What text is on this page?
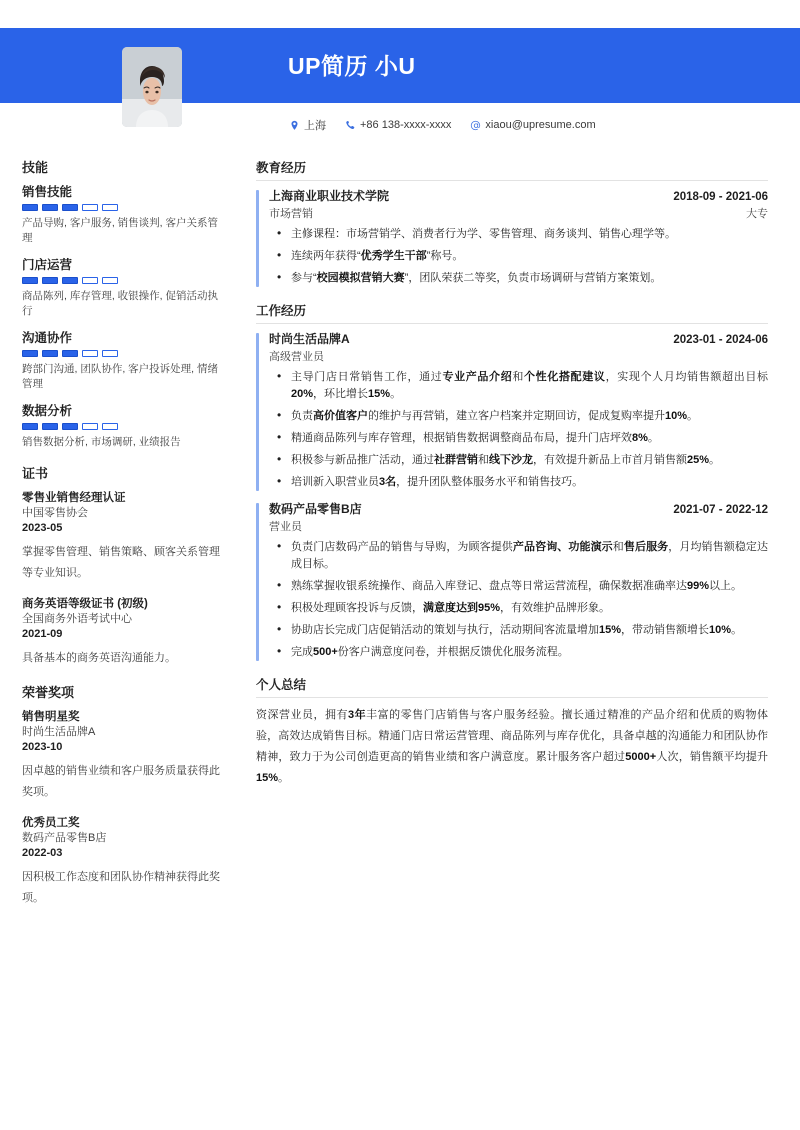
UP简历 小U
上海	+86 138-xxxx-xxxx	xiaou@upresume.com
技能
销售技能
产品导购, 客户服务, 销售谈判, 客户关系管理
门店运营
商品陈列, 库存管理, 收银操作, 促销活动执行
沟通协作
跨部门沟通, 团队协作, 客户投诉处理, 情绪管理
数据分析
销售数据分析, 市场调研, 业绩报告
证书
零售业销售经理认证
中国零售协会
2023-05
掌握零售管理、销售策略、顾客关系管理等专业知识。
商务英语等级证书 (初级)
全国商务外语考试中心
2021-09
具备基本的商务英语沟通能力。
荣誉奖项
销售明星奖
时尚生活品牌A
2023-10
因卓越的销售业绩和客户服务质量获得此奖项。
优秀员工奖
数码产品零售B店
2022-03
因积极工作态度和团队协作精神获得此奖项。
教育经历
上海商业职业技术学院	2018-09 - 2021-06
市场营销	大专
• 主修课程：市场营销学、消费者行为学、零售管理、商务谈判、销售心理学等。
• 连续两年获得“优秀学生干部”称号。
• 参与“校园模拟营销大赛”，团队荣获二等奖，负责市场调研与营销方案策划。
工作经历
时尚生活品牌A	2023-01 - 2024-06
高级营业员
• 主导门店日常销售工作，通过专业产品介绍和个性化搭配建议，实现个人月均销售额超出目标20%，环比增长15%。
• 负责高价值客户的维护与再营销，建立客户档案并定期回访，促成复购率提升10%。
• 精通商品陈列与库存管理，根据销售数据调整商品布局，提升门店坪效8%。
• 积极参与新品推广活动，通过社群营销和线下沙龙，有效提升新品上市首月销售额25%。
• 培训新入职营业员3名，提升团队整体服务水平和销售技巧。
数码产品零售B店	2021-07 - 2022-12
营业员
• 负责门店数码产品的销售与导购，为顾客提供产品咨询、功能演示和售后服务，月均销售额稳定达成目标。
• 熟练掌握收银系统操作、商品入库登记、盘点等日常运营流程，确保数据准确率达99%以上。
• 积极处理顾客投诉与反馈，满意度达到95%，有效维护品牌形象。
• 协助店长完成门店促销活动的策划与执行，活动期间客流量增加15%，带动销售额增长10%。
• 完成500+份客户满意度问卷，并根据反馈优化服务流程。
个人总结
资深营业员，拥有3年丰富的零售门店销售与客户服务经验。擅长通过精准的产品介绍和优质的购物体验，高效达成销售目标。精通门店日常运营管理、商品陈列与库存优化，具备卓越的沟通能力和团队协作精神，致力于为公司创造更高的销售业绩和客户满意度。累计服务客户超过5000+人次，销售额平均提升15%。
